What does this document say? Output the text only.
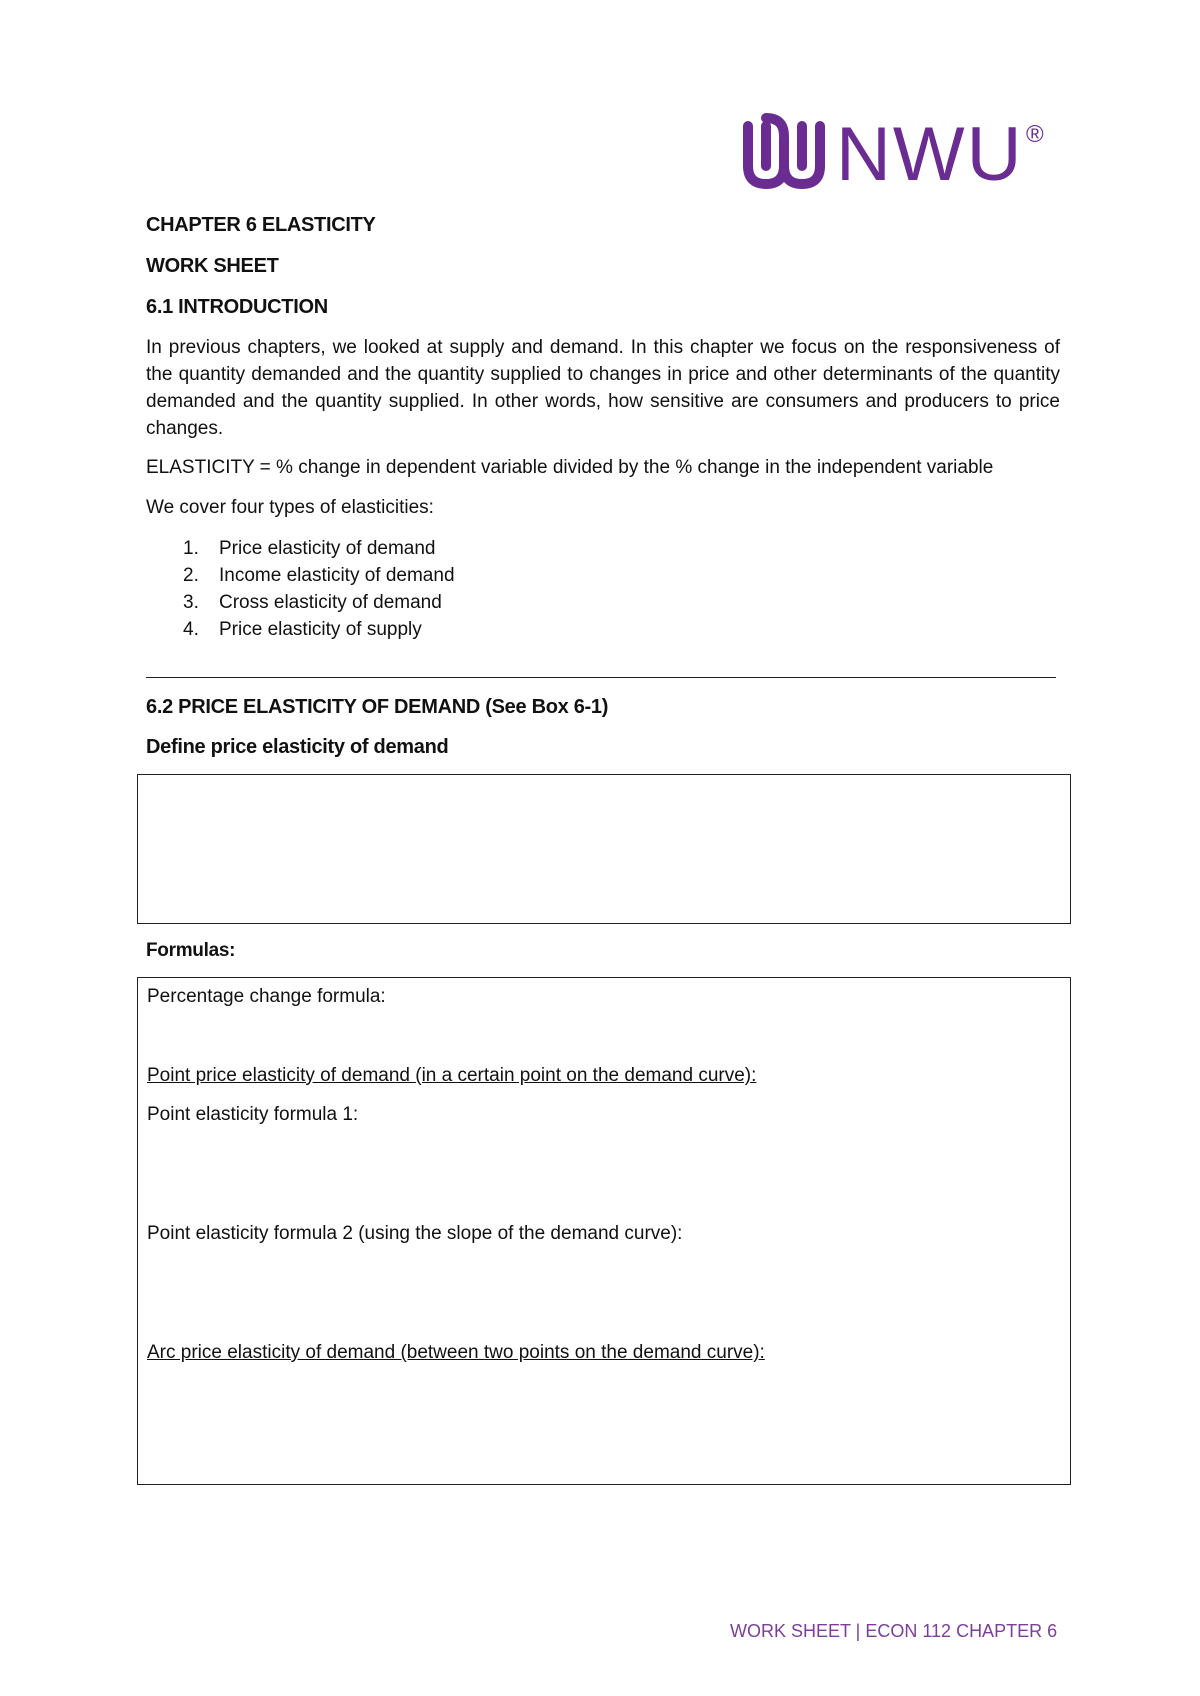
NWU ®
CHAPTER 6 ELASTICITY
WORK SHEET
6.1 INTRODUCTION
In previous chapters, we looked at supply and demand. In this chapter we focus on the responsiveness of the quantity demanded and the quantity supplied to changes in price and other determinants of the quantity demanded and the quantity supplied. In other words, how sensitive are consumers and producers to price changes.
ELASTICITY = % change in dependent variable divided by the % change in the independent variable
We cover four types of elasticities:
1. Price elasticity of demand
2. Income elasticity of demand
3. Cross elasticity of demand
4. Price elasticity of supply
6.2 PRICE ELASTICITY OF DEMAND (See Box 6-1)
Define price elasticity of demand
Formulas:
Percentage change formula:
Point price elasticity of demand (in a certain point on the demand curve):
Point elasticity formula 1:
Point elasticity formula 2 (using the slope of the demand curve):
Arc price elasticity of demand (between two points on the demand curve):
WORK SHEET | ECON 112 CHAPTER 6
